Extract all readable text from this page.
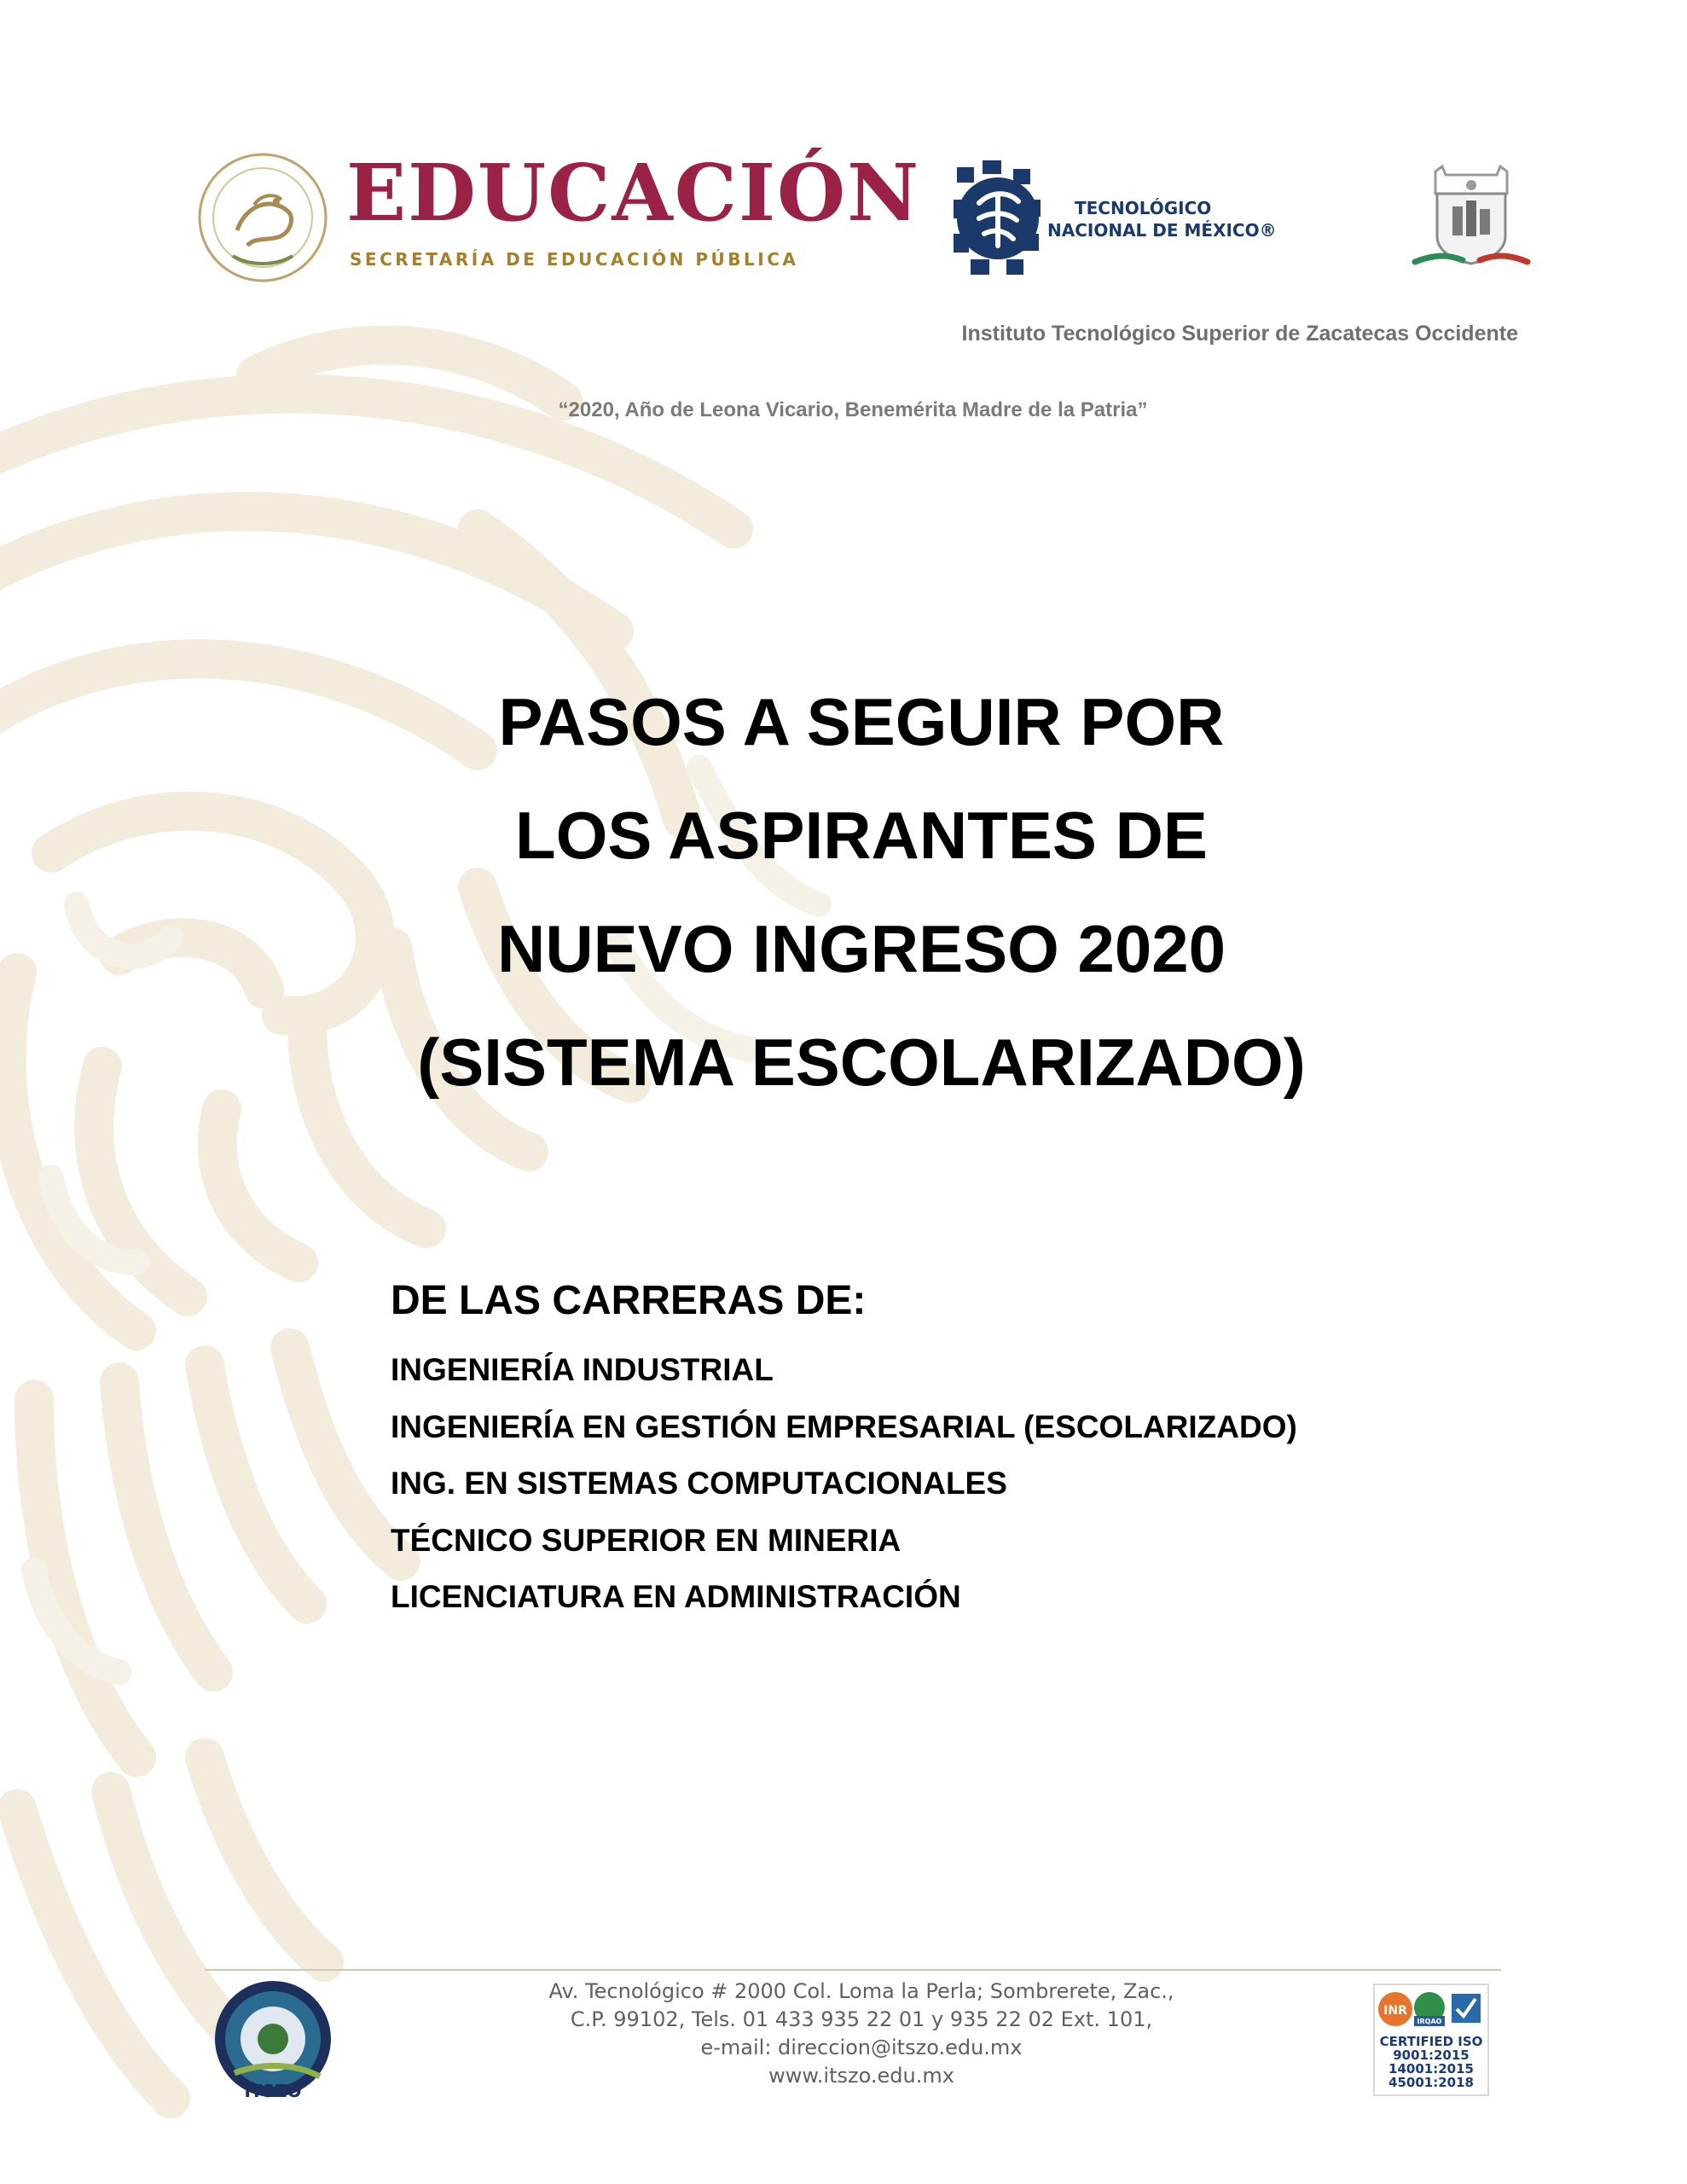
EDUCACIÓN
SECRETARÍA DE EDUCACIÓN PÚBLICA
TECNOLÓGICO
NACIONAL DE MÉXICO®
Instituto Tecnológico Superior de Zacatecas Occidente
“2020, Año de Leona Vicario, Benemérita Madre de la Patria”
PASOS A SEGUIR POR
LOS ASPIRANTES DE
NUEVO INGRESO 2020
(SISTEMA ESCOLARIZADO)
DE LAS CARRERAS DE:
INGENIERÍA INDUSTRIAL
INGENIERÍA EN GESTIÓN EMPRESARIAL (ESCOLARIZADO)
ING. EN SISTEMAS COMPUTACIONALES
TÉCNICO SUPERIOR EN MINERIA
LICENCIATURA EN ADMINISTRACIÓN
ITSZO
Av. Tecnológico # 2000 Col. Loma la Perla; Sombrerete, Zac.,
C.P. 99102, Tels. 01 433 935 22 01 y 935 22 02 Ext. 101,
e-mail: direccion@itszo.edu.mx
www.itszo.edu.mx
INR
IRQAO
CERTIFIED ISO
9001:2015
14001:2015
45001:2018
